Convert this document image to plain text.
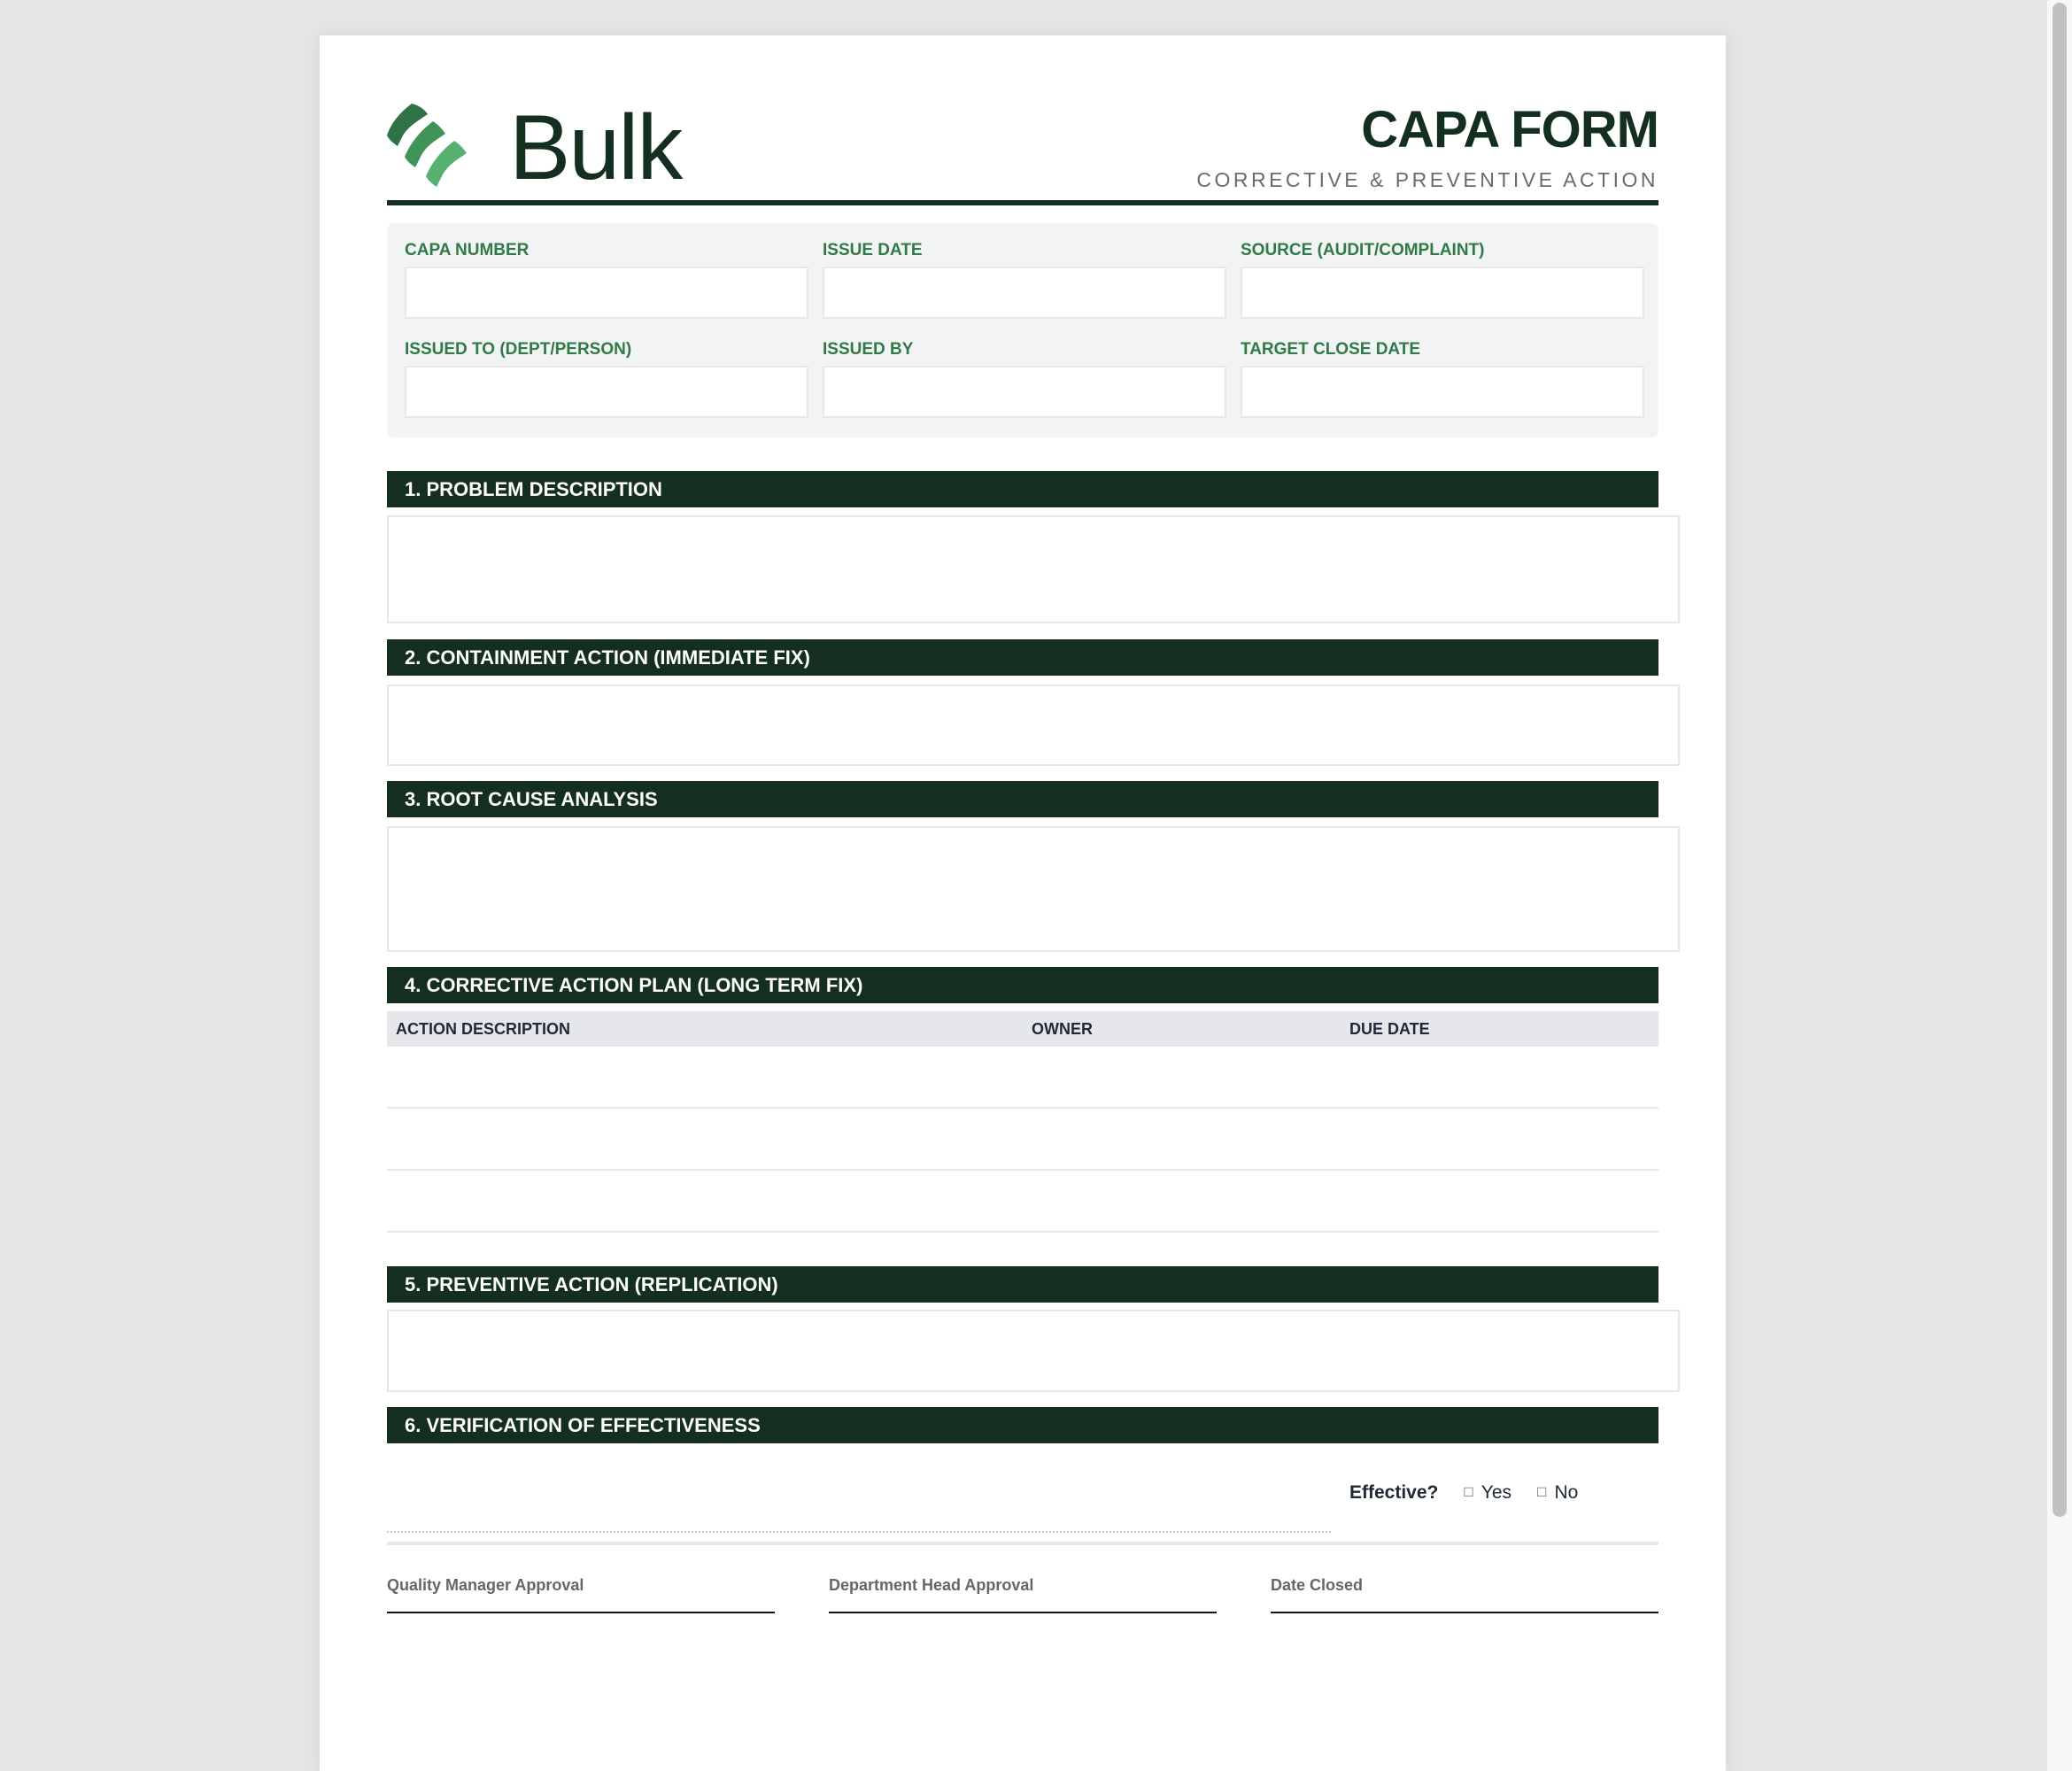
Bulk	CAPA FORM
CORRECTIVE & PREVENTIVE ACTION
CAPA NUMBER	ISSUE DATE	SOURCE (AUDIT/COMPLAINT)
ISSUED TO (DEPT/PERSON)	ISSUED BY	TARGET CLOSE DATE
1. PROBLEM DESCRIPTION
2. CONTAINMENT ACTION (IMMEDIATE FIX)
3. ROOT CAUSE ANALYSIS
4. CORRECTIVE ACTION PLAN (LONG TERM FIX)
ACTION DESCRIPTION	OWNER	DUE DATE
5. PREVENTIVE ACTION (REPLICATION)
6. VERIFICATION OF EFFECTIVENESS
Effective? ☐ Yes ☐ No
Quality Manager Approval	Department Head Approval	Date Closed
